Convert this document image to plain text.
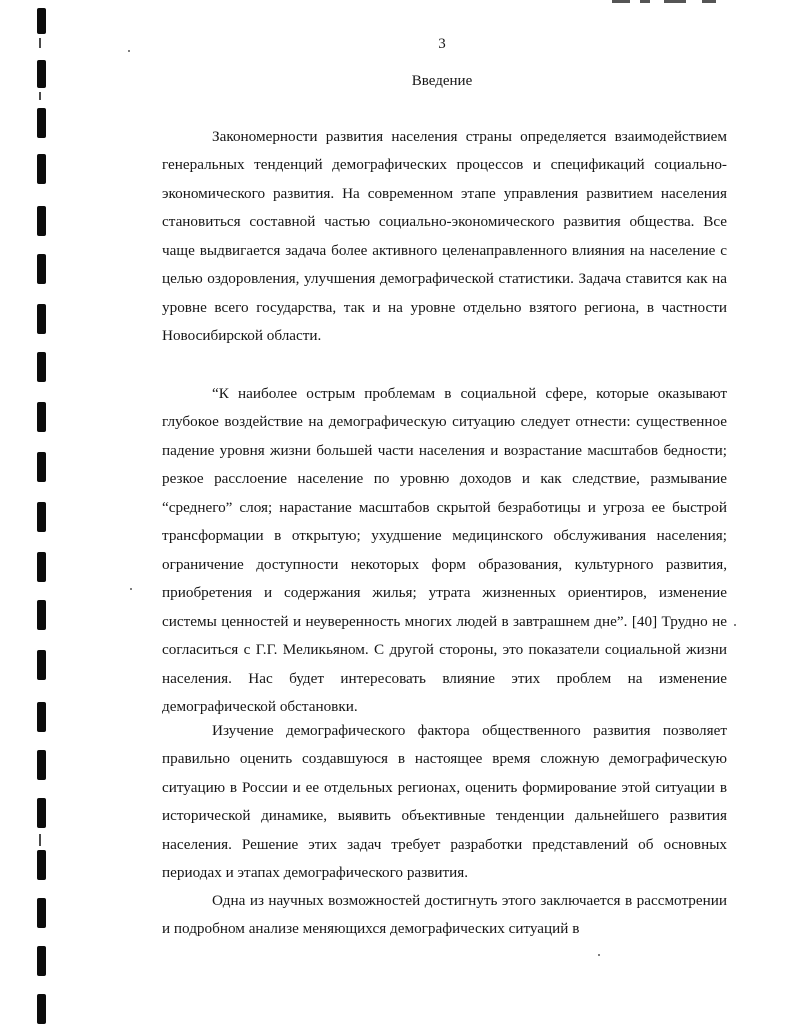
3
Введение

Закономерности развития населения страны определяется взаимодействием генеральных тенденций демографических процессов и спецификаций социально-экономического развития. На современном этапе управления развитием населения становиться составной частью социально-экономического развития общества. Все чаще выдвигается задача более активного целенаправленного влияния на население с целью оздоровления, улучшения демографической статистики. Задача ставится как на уровне всего государства, так и на уровне отдельно взятого региона, в частности Новосибирской области.

“К наиболее острым проблемам в социальной сфере, которые оказывают глубокое воздействие на демографическую ситуацию следует отнести: существенное падение уровня жизни большей части населения и возрастание масштабов бедности; резкое расслоение население по уровню доходов и как следствие, размывание “среднего” слоя; нарастание масштабов скрытой безработицы и угроза ее быстрой трансформации в открытую; ухудшение медицинского обслуживания населения; ограничение доступности некоторых форм образования, культурного развития, приобретения и содержания жилья; утрата жизненных ориентиров, изменение системы ценностей и неуверенность многих людей в завтрашнем дне”. [40] Трудно не согласиться с Г.Г. Меликьяном. С другой стороны, это показатели социальной жизни населения. Нас будет интересовать влияние этих проблем на изменение демографической обстановки.

Изучение демографического фактора общественного развития позволяет правильно оценить создавшуюся в настоящее время сложную демографическую ситуацию в России и ее отдельных регионах, оценить формирование этой ситуации в исторической динамике, выявить объективные тенденции дальнейшего развития населения. Решение этих задач требует разработки представлений об основных периодах и этапах демографического развития.

Одна из научных возможностей достигнуть этого заключается в рассмотрении и подробном анализе меняющихся демографических ситуаций в
